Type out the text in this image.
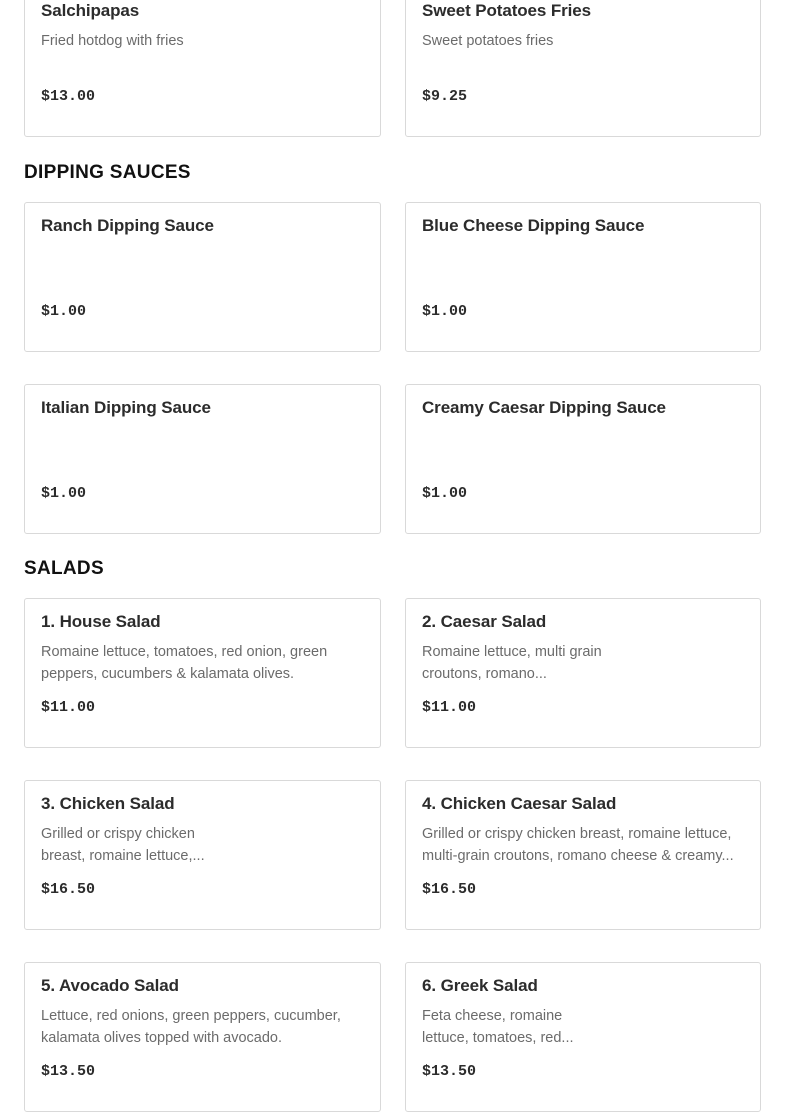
Salchipapas
Fried hotdog with fries
$13.00
Sweet Potatoes Fries
Sweet potatoes fries
$9.25
DIPPING SAUCES
Ranch Dipping Sauce
$1.00
Blue Cheese Dipping Sauce
$1.00
Italian Dipping Sauce
$1.00
Creamy Caesar Dipping Sauce
$1.00
SALADS
1. House Salad
Romaine lettuce, tomatoes, red onion, green peppers, cucumbers & kalamata olives.
$11.00
2. Caesar Salad
Romaine lettuce, multi grain croutons, romano...
$11.00
3. Chicken Salad
Grilled or crispy chicken breast, romaine lettuce,...
$16.50
4. Chicken Caesar Salad
Grilled or crispy chicken breast, romaine lettuce, multi-grain croutons, romano cheese & creamy...
$16.50
5. Avocado Salad
Lettuce, red onions, green peppers, cucumber, kalamata olives topped with avocado.
$13.50
6. Greek Salad
Feta cheese, romaine lettuce, tomatoes, red...
$13.50
